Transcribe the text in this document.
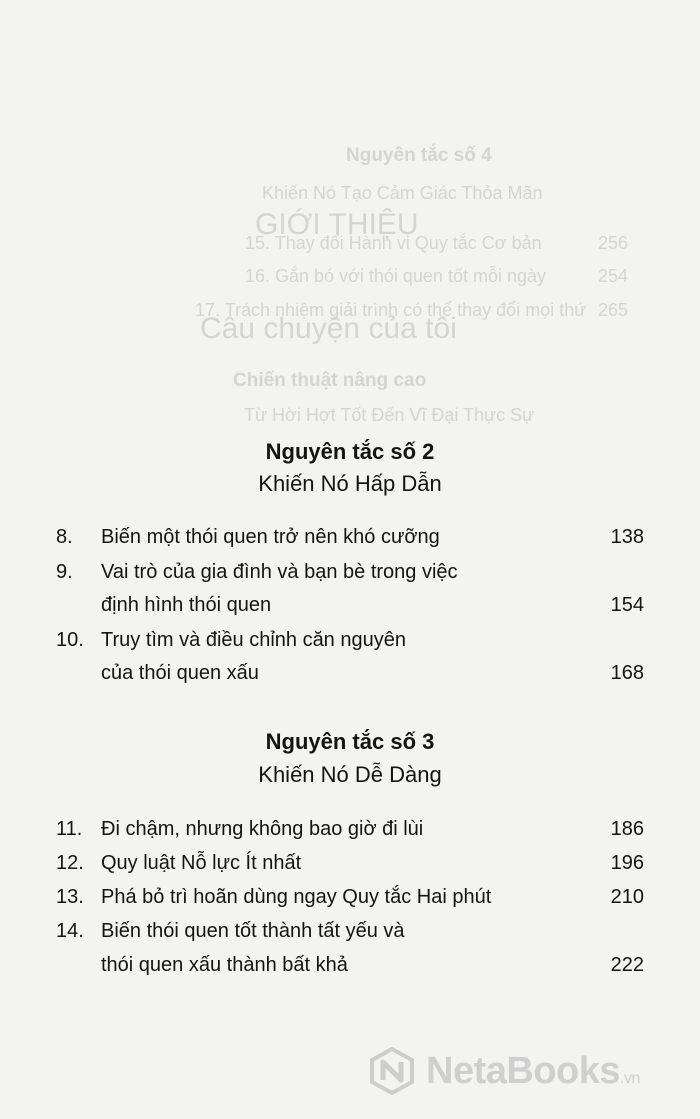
Nguyên tắc số 4
Khiến Nó Tạo Cảm Giác Thỏa Mãn
GIỚI THIỆU
15. Thay đổi Hành vi Quy tắc Cơ bản	256
16. Gắn bó với thói quen tốt mỗi ngày	254
17. Trách nhiệm giải trình có thể thay đổi mọi thứ 265
Câu chuyện của tôi
Chiến thuật nâng cao
Từ Hời Hợt Tốt Đến Vĩ Đại Thực Sự
Nguyên tắc số 2
Khiến Nó Hấp Dẫn
8. Biến một thói quen trở nên khó cưỡng	138
9. Vai trò của gia đình và bạn bè trong việc
định hình thói quen	154
10. Truy tìm và điều chỉnh căn nguyên
của thói quen xấu	168
Nguyên tắc số 3
Khiến Nó Dễ Dàng
11. Đi chậm, nhưng không bao giờ đi lùi	186
12. Quy luật Nỗ lực Ít nhất	196
13. Phá bỏ trì hoãn dùng ngay Quy tắc Hai phút	210
14. Biến thói quen tốt thành tất yếu và
thói quen xấu thành bất khả	222
NetaBooks.vn
